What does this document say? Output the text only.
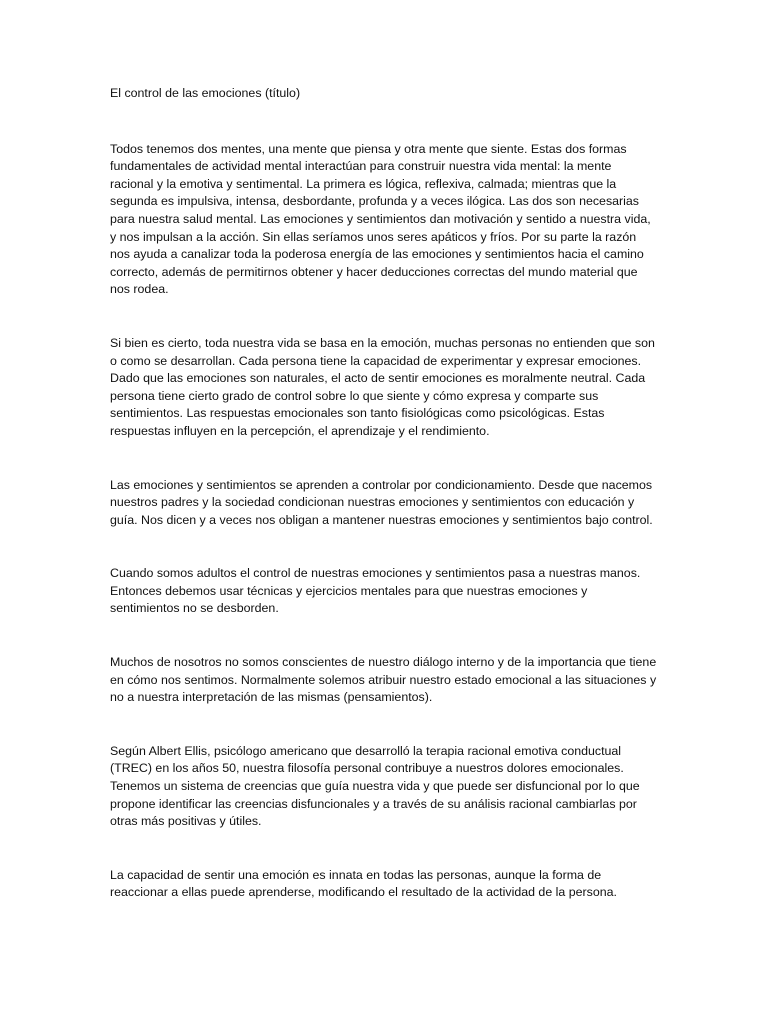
El control de las emociones (título)

Todos tenemos dos mentes, una mente que piensa y otra mente que siente. Estas dos formas fundamentales de actividad mental interactúan para construir nuestra vida mental: la mente racional y la emotiva y sentimental. La primera es lógica, reflexiva, calmada; mientras que la segunda es impulsiva, intensa, desbordante, profunda y a veces ilógica. Las dos son necesarias para nuestra salud mental. Las emociones y sentimientos dan motivación y sentido a nuestra vida, y nos impulsan a la acción. Sin ellas seríamos unos seres apáticos y fríos. Por su parte la razón nos ayuda a canalizar toda la poderosa energía de las emociones y sentimientos hacia el camino correcto, además de permitirnos obtener y hacer deducciones correctas del mundo material que nos rodea.

Si bien es cierto, toda nuestra vida se basa en la emoción, muchas personas no entienden que son o como se desarrollan. Cada persona tiene la capacidad de experimentar y expresar emociones. Dado que las emociones son naturales, el acto de sentir emociones es moralmente neutral. Cada persona tiene cierto grado de control sobre lo que siente y cómo expresa y comparte sus sentimientos. Las respuestas emocionales son tanto fisiológicas como psicológicas. Estas respuestas influyen en la percepción, el aprendizaje y el rendimiento.

Las emociones y sentimientos se aprenden a controlar por condicionamiento. Desde que nacemos nuestros padres y la sociedad condicionan nuestras emociones y sentimientos con educación y guía. Nos dicen y a veces nos obligan a mantener nuestras emociones y sentimientos bajo control.

Cuando somos adultos el control de nuestras emociones y sentimientos pasa a nuestras manos. Entonces debemos usar técnicas y ejercicios mentales para que nuestras emociones y sentimientos no se desborden.

Muchos de nosotros no somos conscientes de nuestro diálogo interno y de la importancia que tiene en cómo nos sentimos. Normalmente solemos atribuir nuestro estado emocional a las situaciones y no a nuestra interpretación de las mismas (pensamientos).

Según Albert Ellis, psicólogo americano que desarrolló la terapia racional emotiva conductual (TREC) en los años 50, nuestra filosofía personal contribuye a nuestros dolores emocionales. Tenemos un sistema de creencias que guía nuestra vida y que puede ser disfuncional por lo que propone identificar las creencias disfuncionales y a través de su análisis racional cambiarlas por otras más positivas y útiles.

La capacidad de sentir una emoción es innata en todas las personas, aunque la forma de reaccionar a ellas puede aprenderse, modificando el resultado de la actividad de la persona.
